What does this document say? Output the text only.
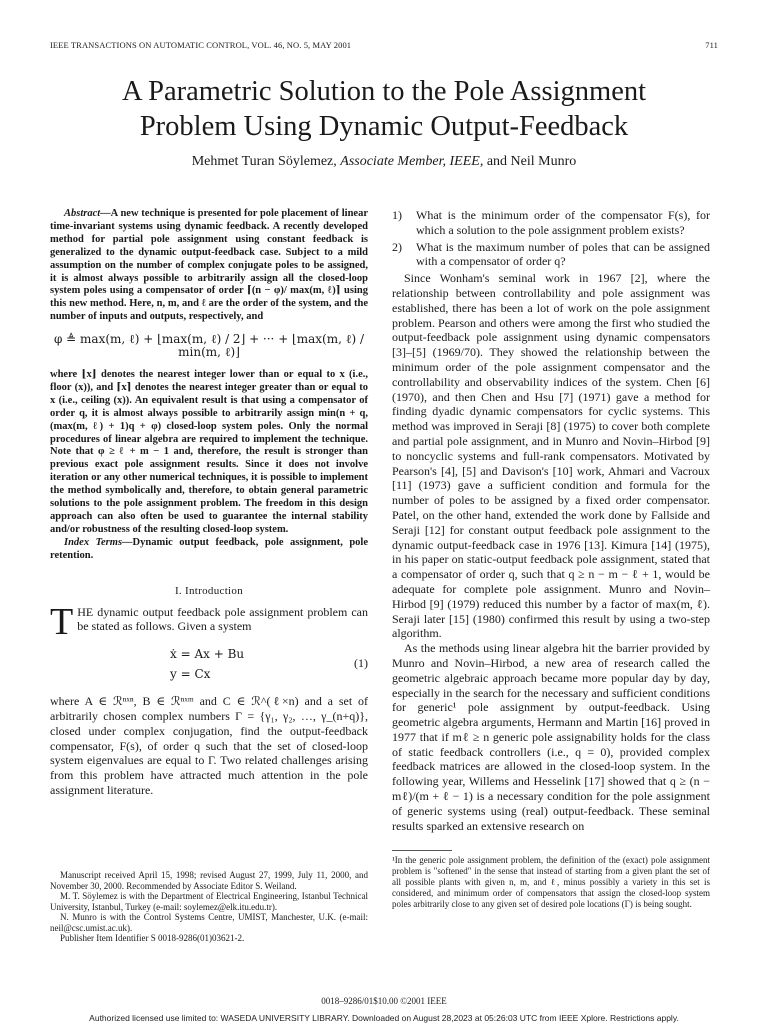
IEEE TRANSACTIONS ON AUTOMATIC CONTROL, VOL. 46, NO. 5, MAY 2001	711
A Parametric Solution to the Pole Assignment
Problem Using Dynamic Output-Feedback
Mehmet Turan Söylemez, Associate Member, IEEE, and Neil Munro

Abstract—A new technique is presented for pole placement of linear time-invariant systems using dynamic feedback. A recently developed method for partial pole assignment using constant feedback is generalized to the dynamic output-feedback case. Subject to a mild assumption on the number of complex conjugate poles to be assigned, it is almost always possible to arbitrarily assign all the closed-loop system poles using a compensator of order ⌈(n − φ)/ max(m, ℓ)⌉ using this new method. Here, n, m, and ℓ are the order of the system, and the number of inputs and outputs, respectively, and

φ ≜ max(m, ℓ) + ⌊max(m, ℓ) / 2⌋ + ··· + ⌊max(m, ℓ) / min(m, ℓ)⌋

where ⌊x⌋ denotes the nearest integer lower than or equal to x (i.e., floor (x)), and ⌈x⌉ denotes the nearest integer greater than or equal to x (i.e., ceiling (x)). An equivalent result is that using a compensator of order q, it is almost always possible to arbitrarily assign min(n + q, (max(m, ℓ) + 1)q + φ) closed-loop system poles. Only the normal procedures of linear algebra are required to implement the technique. Note that φ ≥ ℓ + m − 1 and, therefore, the result is stronger than previous exact pole assignment results. Since it does not involve iteration or any other numerical techniques, it is possible to implement the method symbolically and, therefore, to obtain general parametric solutions to the pole assignment problem. The freedom in this design approach can also often be used to guarantee the internal stability and/or robustness of the resulting closed-loop system.

Index Terms—Dynamic output feedback, pole assignment, pole retention.

I. Introduction

THE dynamic output feedback pole assignment problem can be stated as follows. Given a system

ẋ = Ax + Bu
y = Cx
(1)

where A ∈ ℛⁿˣⁿ, B ∈ ℛⁿˣᵐ and C ∈ ℛ^(ℓ×n) and a set of arbitrarily chosen complex numbers Γ = {γ₁, γ₂, …, γ_(n+q)}, closed under complex conjugation, find the output-feedback compensator, F(s), of order q such that the set of closed-loop system eigenvalues are equal to Γ. Two related challenges arising from this problem have attracted much attention in the pole assignment literature.

Manuscript received April 15, 1998; revised August 27, 1999, July 11, 2000, and November 30, 2000. Recommended by Associate Editor S. Weiland.

M. T. Söylemez is with the Department of Electrical Engineering, Istanbul Technical University, Istanbul, Turkey (e-mail: soylemez@elk.itu.edu.tr).

N. Munro is with the Control Systems Centre, UMIST, Manchester, U.K. (e-mail: neil@csc.umist.ac.uk).

Publisher Item Identifier S 0018-9286(01)03621-2.

1)	What is the minimum order of the compensator F(s), for which a solution to the pole assignment problem exists?
2)	What is the maximum number of poles that can be assigned with a compensator of order q?

Since Wonham's seminal work in 1967 [2], where the relationship between controllability and pole assignment was established, there has been a lot of work on the pole assignment problem. Pearson and others were among the first who studied the output-feedback pole assignment using dynamic compensators [3]–[5] (1969/70). They showed the relationship between the minimum order of the pole assignment compensator and the controllability and observability indices of the system. Chen [6] (1970), and then Chen and Hsu [7] (1971) gave a method for finding dyadic dynamic compensators for cyclic systems. This method was improved in Seraji [8] (1975) to cover both complete and partial pole assignment, and in Munro and Novin–Hirbod [9] to noncyclic systems and full-rank compensators. Motivated by Pearson's [4], [5] and Davison's [10] work, Ahmari and Vacroux [11] (1973) gave a sufficient condition and formula for the number of poles to be assigned by a fixed order compensator. Patel, on the other hand, extended the work done by Fallside and Seraji [12] for constant output feedback pole assignment to the dynamic output-feedback case in 1976 [13]. Kimura [14] (1975), in his paper on static-output feedback pole assignment, stated that a compensator of order q, such that q ≥ n − m − ℓ + 1, would be adequate for complete pole assignment. Munro and Novin–Hirbod [9] (1979) reduced this number by a factor of max(m, ℓ). Seraji later [15] (1980) confirmed this result by using a two-step algorithm.

As the methods using linear algebra hit the barrier provided by Munro and Novin–Hirbod, a new area of research called the geometric algebraic approach became more popular day by day, especially in the search for the necessary and sufficient conditions for generic¹ pole assignment by output-feedback. Using geometric algebra arguments, Hermann and Martin [16] proved in 1977 that if mℓ ≥ n generic pole assignability holds for the class of static feedback controllers (i.e., q = 0), provided complex feedback matrices are allowed in the closed-loop system. In the following year, Willems and Hesselink [17] showed that q ≥ (n − mℓ)/(m + ℓ − 1) is a necessary condition for the pole assignment of generic systems using (real) output-feedback. These seminal results sparked an extensive research on

¹In the generic pole assignment problem, the definition of the (exact) pole assignment problem is "softened" in the sense that instead of starting from a given plant the set of all possible plants with given n, m, and ℓ, minus possibly a variety in this set is considered, and minimum order of compensators that assign the closed-loop system poles arbitrarily close to any given set of desired pole locations (Γ) is being sought.
0018–9286/01$10.00 ©2001 IEEE
Authorized licensed use limited to: WASEDA UNIVERSITY LIBRARY. Downloaded on August 28,2023 at 05:26:03 UTC from IEEE Xplore. Restrictions apply.
